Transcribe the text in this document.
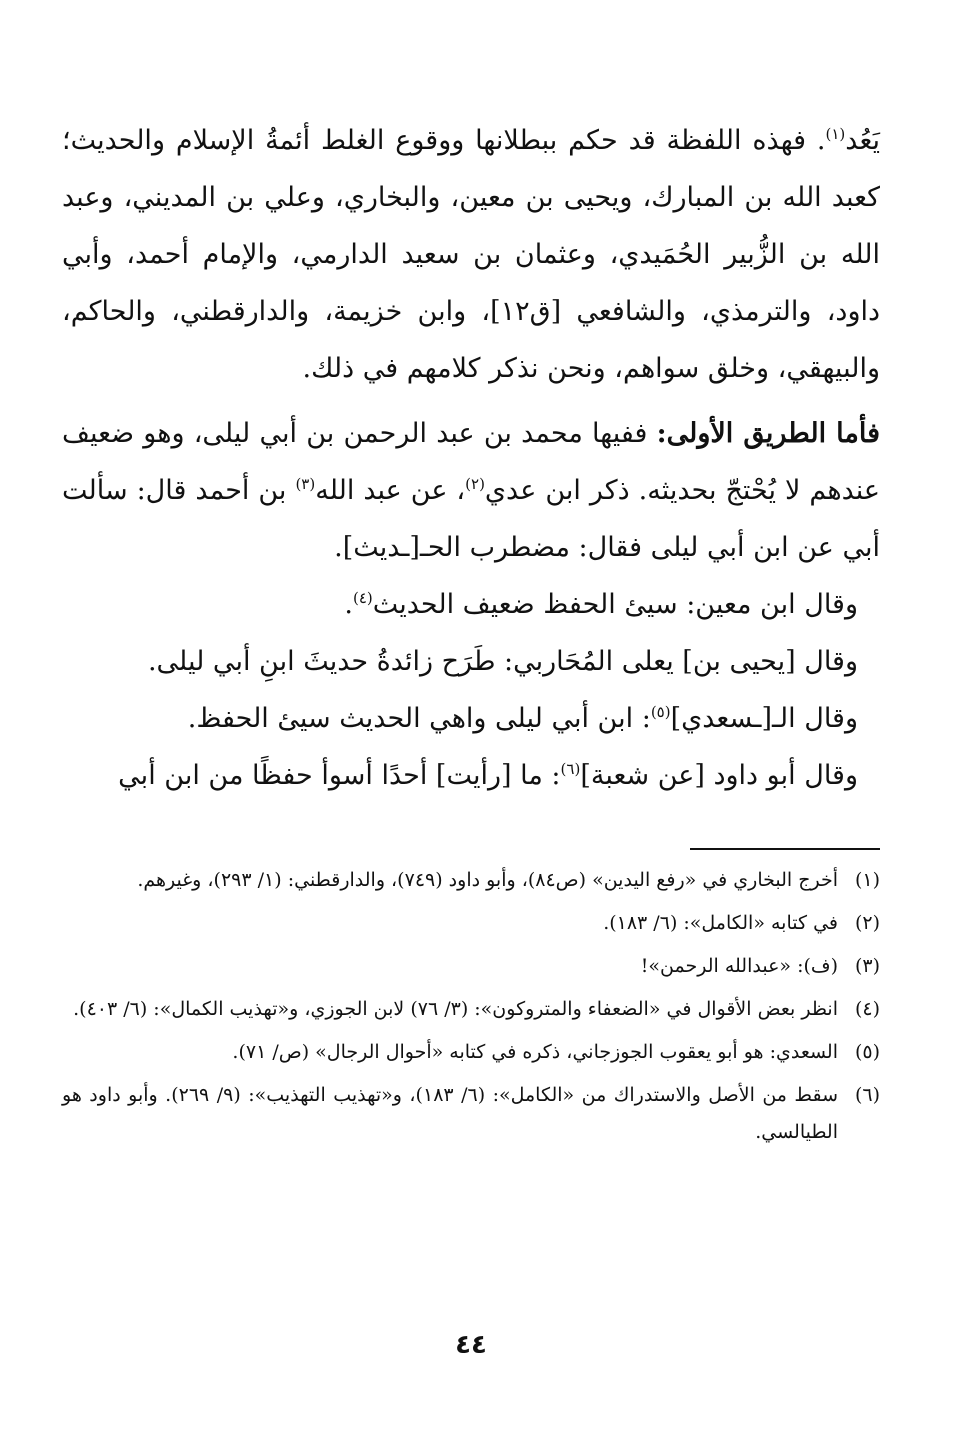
يَعُد$^{(١)}$. فهذه اللفظة قد حكم ببطلانها ووقوع الغلط أئمةُ الإسلام والحديث؛ كعبد الله بن المبارك، ويحيى بن معين، والبخاري، وعلي بن المديني، وعبد الله بن الزُّبير الحُمَيدي، وعثمان بن سعيد الدارمي، والإمام أحمد، وأبي داود، والترمذي، والشافعي [ق١٢]، وابن خزيمة، والدارقطني، والحاكم، والبيهقي، وخلق سواهم، ونحن نذكر كلامهم في ذلك.

فأما الطريق الأولى: ففيها محمد بن عبد الرحمن بن أبي ليلى، وهو ضعيف عندهم لا يُحْتجّ بحديثه. ذكر ابن عدي$^{(٢)}$، عن عبد الله$^{(٣)}$ بن أحمد قال: سألت أبي عن ابن أبي ليلى فقال: مضطرب الحـ[ـديث].

وقال ابن معين: سيئ الحفظ ضعيف الحديث$^{(٤)}$.

وقال [يحيى بن] يعلى المُحَاربي: طَرَح زائدةُ حديثَ ابنِ أبي ليلى.

وقال الـ[ـسعدي]$^{(٥)}$: ابن أبي ليلى واهي الحديث سيئ الحفظ.

وقال أبو داود [عن شعبة]$^{(٦)}$: ما [رأيت] أحدًا أسوأ حفظًا من ابن أبي

(١)
أخرج البخاري في «رفع اليدين» (ص٨٤)، وأبو داود (٧٤٩)، والدارقطني: (١/ ٢٩٣)، وغيرهم.
(٢)
في كتابه «الكامل»: (٦/ ١٨٣).
(٣)
(ف): «عبدالله الرحمن»!
(٤)
انظر بعض الأقوال في «الضعفاء والمتروكون»: (٣/ ٧٦) لابن الجوزي، و«تهذيب الكمال»: (٦/ ٤٠٣).
(٥)
السعدي: هو أبو يعقوب الجوزجاني، ذكره في كتابه «أحوال الرجال» (ص/ ٧١).
(٦)
سقط من الأصل والاستدراك من «الكامل»: (٦/ ١٨٣)، و«تهذيب التهذيب»: (٩/ ٢٦٩). وأبو داود هو الطيالسي.
٤٤
